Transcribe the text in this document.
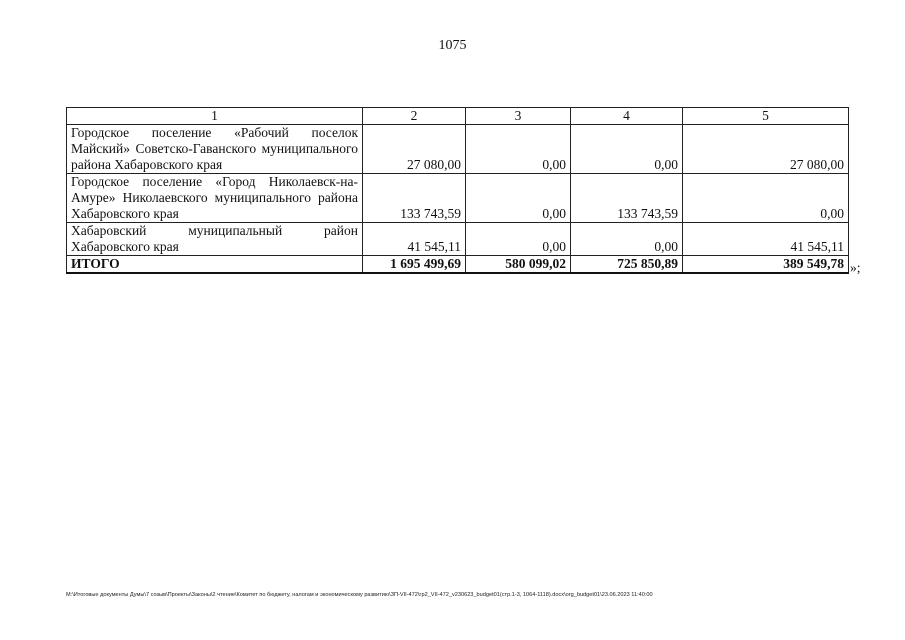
1075
1	2	3	4	5
Городское поселение «Рабочий поселок Майский» Советско-Гаванского муниципального района Хабаровского края	27 080,00	0,00	0,00	27 080,00
Городское поселение «Город Николаевск-на-Амуре» Николаевского муниципального района Хабаровского края	133 743,59	0,00	133 743,59	0,00
Хабаровский муниципальный район Хабаровского края	41 545,11	0,00	0,00	41 545,11
ИТОГО	1 695 499,69	580 099,02	725 850,89	389 549,78 »;
M:\Итоговые документы Думы\7 созыв\Проекты\Законы\2 чтение\Комитет по бюджету, налогам и экономическому развитию\ЗП-VII-472\гр2_VII-472_v230623_budget01(стр.1-3, 1064-1118).docx\org_budget01\23.06.2023 11:40:00
